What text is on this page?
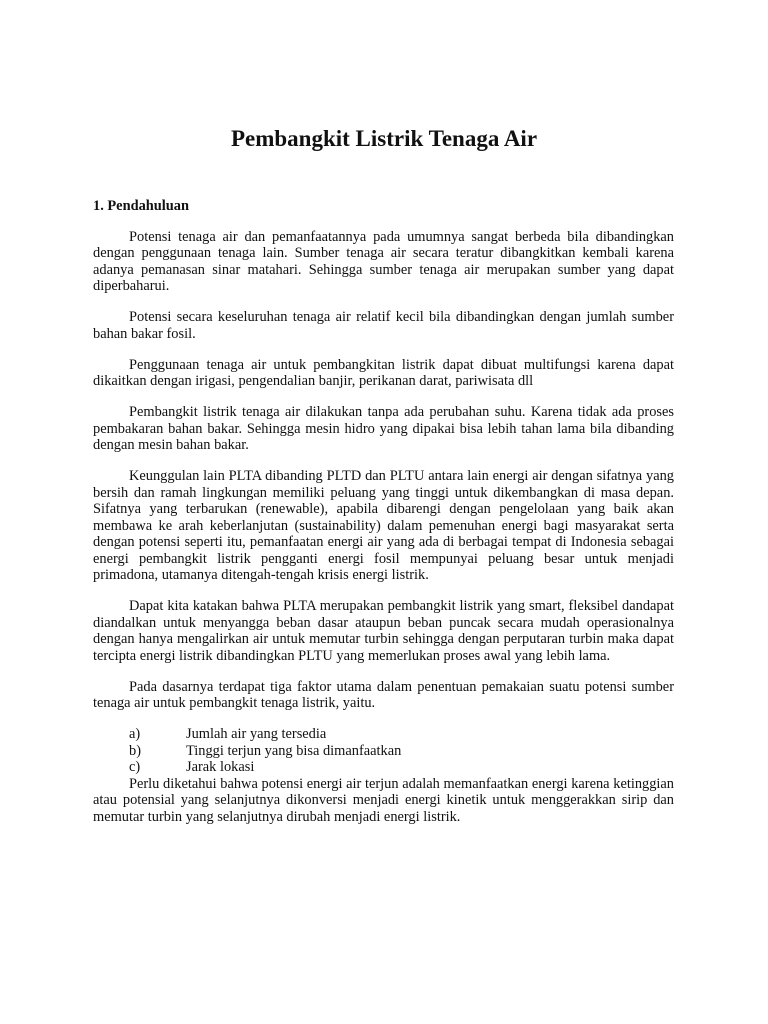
Pembangkit Listrik Tenaga Air
1. Pendahuluan

Potensi tenaga air dan pemanfaatannya pada umumnya sangat berbeda bila dibandingkan dengan penggunaan tenaga lain. Sumber tenaga air secara teratur dibangkitkan kembali karena adanya pemanasan sinar matahari. Sehingga sumber tenaga air merupakan sumber yang dapat diperbaharui.

Potensi secara keseluruhan tenaga air relatif kecil bila dibandingkan dengan jumlah sumber bahan bakar fosil.

Penggunaan tenaga air untuk pembangkitan listrik dapat dibuat multifungsi karena dapat dikaitkan dengan irigasi, pengendalian banjir, perikanan darat, pariwisata dll

Pembangkit listrik tenaga air dilakukan tanpa ada perubahan suhu. Karena tidak ada proses pembakaran bahan bakar. Sehingga mesin hidro yang dipakai bisa lebih tahan lama bila dibanding dengan mesin bahan bakar.

Keunggulan lain PLTA dibanding PLTD dan PLTU antara lain energi air dengan sifatnya yang bersih dan ramah lingkungan memiliki peluang yang tinggi untuk dikembangkan di masa depan. Sifatnya yang terbarukan (renewable), apabila dibarengi dengan pengelolaan yang baik akan membawa ke arah keberlanjutan (sustainability) dalam pemenuhan energi bagi masyarakat serta dengan potensi seperti itu, pemanfaatan energi air yang ada di berbagai tempat di Indonesia sebagai energi pembangkit listrik pengganti energi fosil mempunyai peluang besar untuk menjadi primadona, utamanya ditengah-tengah krisis energi listrik.

Dapat kita katakan bahwa PLTA merupakan pembangkit listrik yang smart, fleksibel dandapat diandalkan untuk menyangga beban dasar ataupun beban puncak secara mudah operasionalnya dengan hanya mengalirkan air untuk memutar turbin sehingga dengan perputaran turbin maka dapat tercipta energi listrik dibandingkan PLTU yang memerlukan proses awal yang lebih lama.

Pada dasarnya terdapat tiga faktor utama dalam penentuan pemakaian suatu potensi sumber tenaga air untuk pembangkit tenaga listrik, yaitu.

a)	Jumlah air yang tersedia
b)	Tinggi terjun yang bisa dimanfaatkan
c)	Jarak lokasi

Perlu diketahui bahwa potensi energi air terjun adalah memanfaatkan energi karena ketinggian atau potensial yang selanjutnya dikonversi menjadi energi kinetik untuk menggerakkan sirip dan memutar turbin yang selanjutnya dirubah menjadi energi listrik.
